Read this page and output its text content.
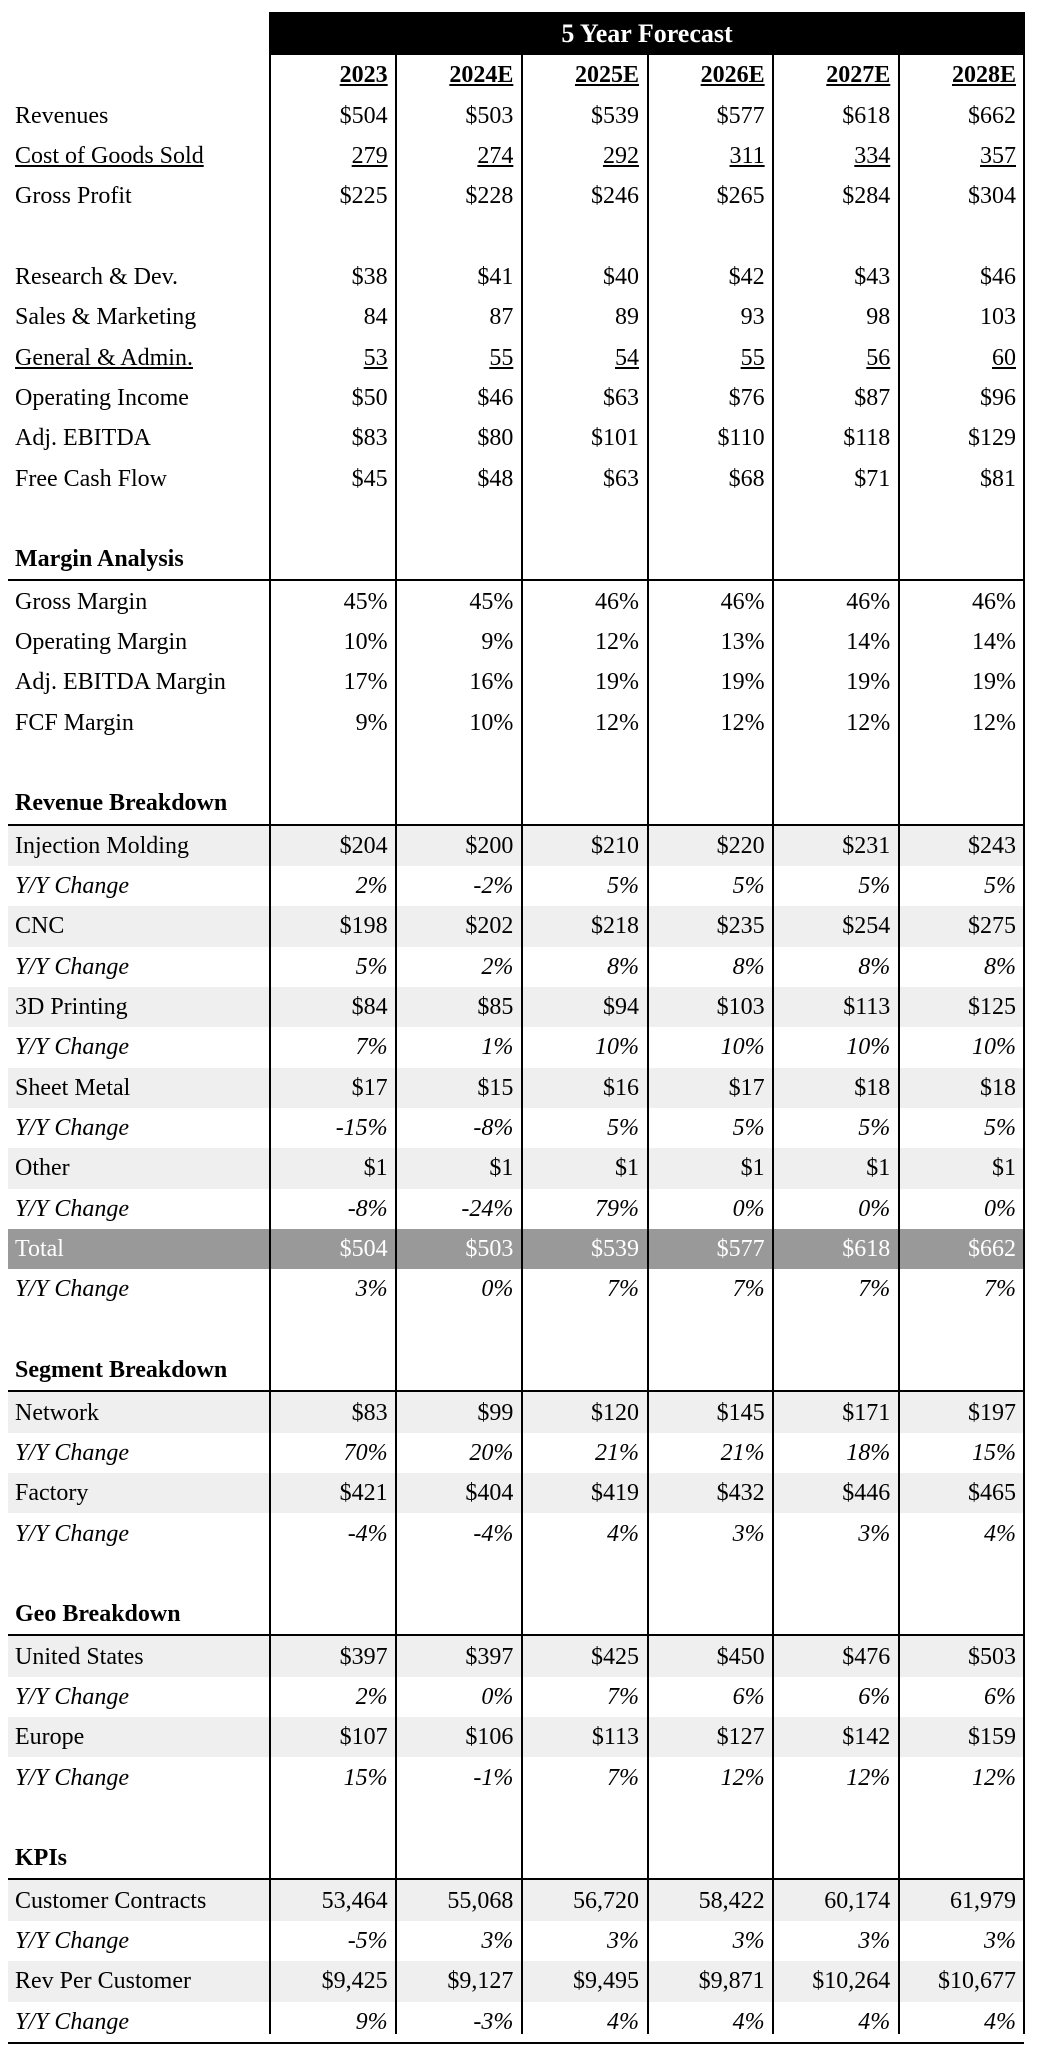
5 Year Forecast
	2023	2024E	2025E	2026E	2027E	2028E
Revenues	$504	$503	$539	$577	$618	$662
Cost of Goods Sold	279	274	292	311	334	357
Gross Profit	$225	$228	$246	$265	$284	$304

Research & Dev.	$38	$41	$40	$42	$43	$46
Sales & Marketing	84	87	89	93	98	103
General & Admin.	53	55	54	55	56	60
Operating Income	$50	$46	$63	$76	$87	$96
Adj. EBITDA	$83	$80	$101	$110	$118	$129
Free Cash Flow	$45	$48	$63	$68	$71	$81

Margin Analysis						
Gross Margin	45%	45%	46%	46%	46%	46%
Operating Margin	10%	9%	12%	13%	14%	14%
Adj. EBITDA Margin	17%	16%	19%	19%	19%	19%
FCF Margin	9%	10%	12%	12%	12%	12%

Revenue Breakdown						
Injection Molding	$204	$200	$210	$220	$231	$243
Y/Y Change	2%	-2%	5%	5%	5%	5%
CNC	$198	$202	$218	$235	$254	$275
Y/Y Change	5%	2%	8%	8%	8%	8%
3D Printing	$84	$85	$94	$103	$113	$125
Y/Y Change	7%	1%	10%	10%	10%	10%
Sheet Metal	$17	$15	$16	$17	$18	$18
Y/Y Change	-15%	-8%	5%	5%	5%	5%
Other	$1	$1	$1	$1	$1	$1
Y/Y Change	-8%	-24%	79%	0%	0%	0%
Total	$504	$503	$539	$577	$618	$662
Y/Y Change	3%	0%	7%	7%	7%	7%

Segment Breakdown						
Network	$83	$99	$120	$145	$171	$197
Y/Y Change	70%	20%	21%	21%	18%	15%
Factory	$421	$404	$419	$432	$446	$465
Y/Y Change	-4%	-4%	4%	3%	3%	4%

Geo Breakdown						
United States	$397	$397	$425	$450	$476	$503
Y/Y Change	2%	0%	7%	6%	6%	6%
Europe	$107	$106	$113	$127	$142	$159
Y/Y Change	15%	-1%	7%	12%	12%	12%

KPIs						
Customer Contracts	53,464	55,068	56,720	58,422	60,174	61,979
Y/Y Change	-5%	3%	3%	3%	3%	3%
Rev Per Customer	$9,425	$9,127	$9,495	$9,871	$10,264	$10,677
Y/Y Change	9%	-3%	4%	4%	4%	4%
